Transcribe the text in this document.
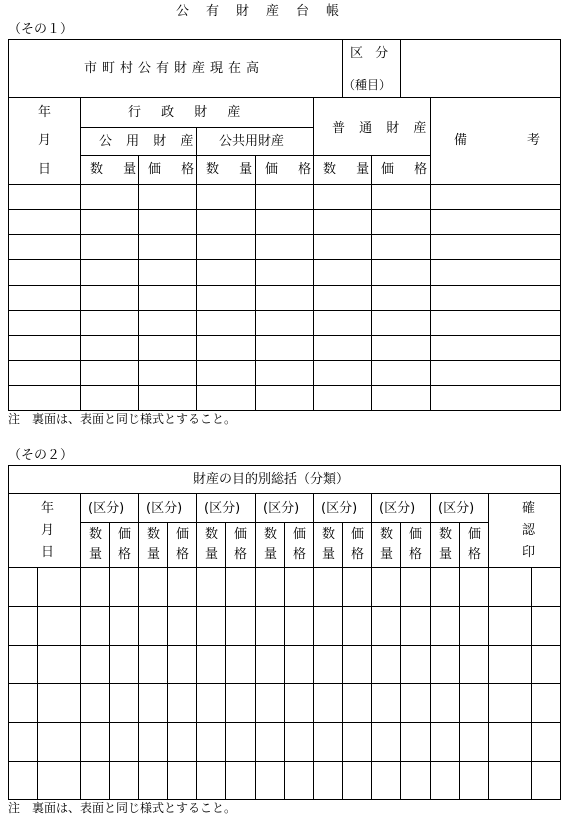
公有財産台帳
（その１）
市町村公有財産現在高
区 分
（種目）
年
月
日
行 政 財 産
公 用 財 産 公共用財産
普 通 財 産
備	考
数 量 価 格 数 量 価 格 数 量 価 格
注　裏面は、表面と同じ様式とすること。
（その２）
財産の目的別総括（分類）
年
月
日
(区分) (区分) (区分) (区分) (区分) (区分) (区分)	確
認
印
数
量
価
格
数
量
価
格
数
量
価
格
数
量
価
格
数
量
価
格
数
量
価
格
数
量
価
格
注　裏面は、表面と同じ様式とすること。
